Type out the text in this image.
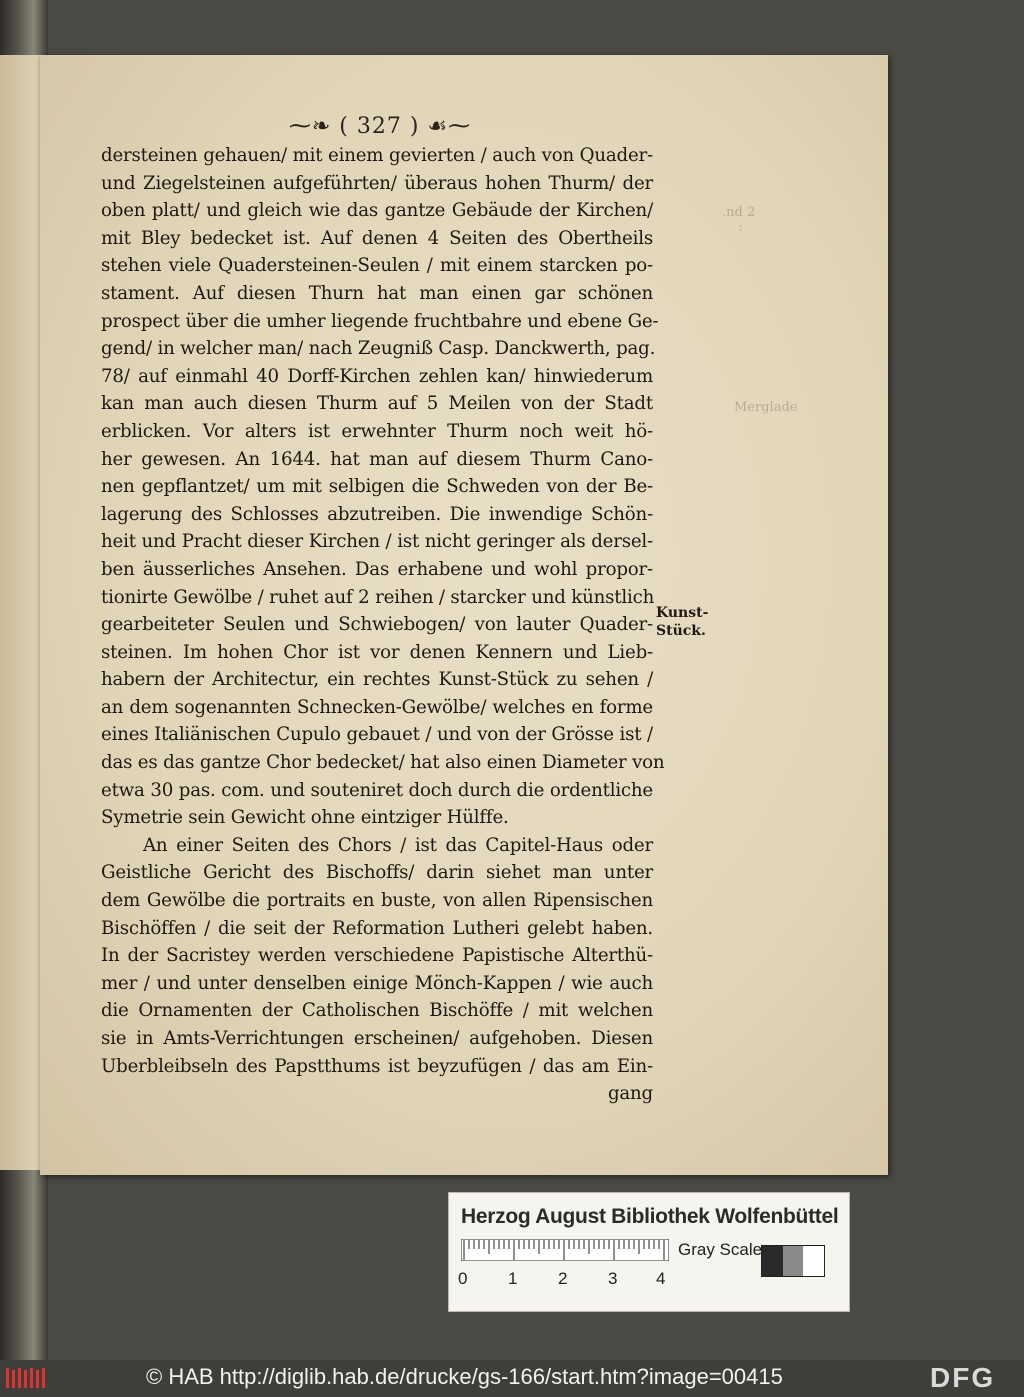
.nd 2
:
Merglade
⁓❧ ( 327 ) ☙⁓
dersteinen gehauen/ mit einem gevierten / auch von Quader-
und Ziegelsteinen aufgeführten/ überaus hohen Thurm/ der
oben platt/ und gleich wie das gantze Gebäude der Kirchen/
mit Bley bedecket ist. Auf denen 4 Seiten des Obertheils
stehen viele Quadersteinen-Seulen / mit einem starcken po-
stament. Auf diesen Thurn hat man einen gar schönen
prospect über die umher liegende fruchtbahre und ebene Ge-
gend/ in welcher man/ nach Zeugniß Casp. Danckwerth, pag.
78/ auf einmahl 40 Dorff-Kirchen zehlen kan/ hinwiederum
kan man auch diesen Thurm auf 5 Meilen von der Stadt
erblicken. Vor alters ist erwehnter Thurm noch weit hö-
her gewesen. An 1644. hat man auf diesem Thurm Cano-
nen gepflantzet/ um mit selbigen die Schweden von der Be-
lagerung des Schlosses abzutreiben. Die inwendige Schön-
heit und Pracht dieser Kirchen / ist nicht geringer als dersel-
ben äusserliches Ansehen. Das erhabene und wohl propor-
tionirte Gewölbe / ruhet auf 2 reihen / starcker und künstlich
gearbeiteter Seulen und Schwiebogen/ von lauter Quader-
steinen. Im hohen Chor ist vor denen Kennern und Lieb-
habern der Architectur, ein rechtes Kunst-Stück zu sehen /
an dem sogenannten Schnecken-Gewölbe/ welches en forme
eines Italiänischen Cupulo gebauet / und von der Grösse ist /
das es das gantze Chor bedecket/ hat also einen Diameter von
etwa 30 pas. com. und souteniret doch durch die ordentliche
Symetrie sein Gewicht ohne eintziger Hülffe.
An einer Seiten des Chors / ist das Capitel-Haus oder
Geistliche Gericht des Bischoffs/ darin siehet man unter
dem Gewölbe die portraits en buste, von allen Ripensischen
Bischöffen / die seit der Reformation Lutheri gelebt haben.
In der Sacristey werden verschiedene Papistische Alterthü-
mer / und unter denselben einige Mönch-Kappen / wie auch
die Ornamenten der Catholischen Bischöffe / mit welchen
sie in Amts-Verrichtungen erscheinen/ aufgehoben. Diesen
Uberbleibseln des Papstthums ist beyzufügen / das am Ein-
gang
Kunst-
Stück.
Herzog August Bibliothek Wolfenbüttel
0 1 2 3 4
Gray Scale
© HAB http://diglib.hab.de/drucke/gs-166/start.htm?image=00415	DFG
